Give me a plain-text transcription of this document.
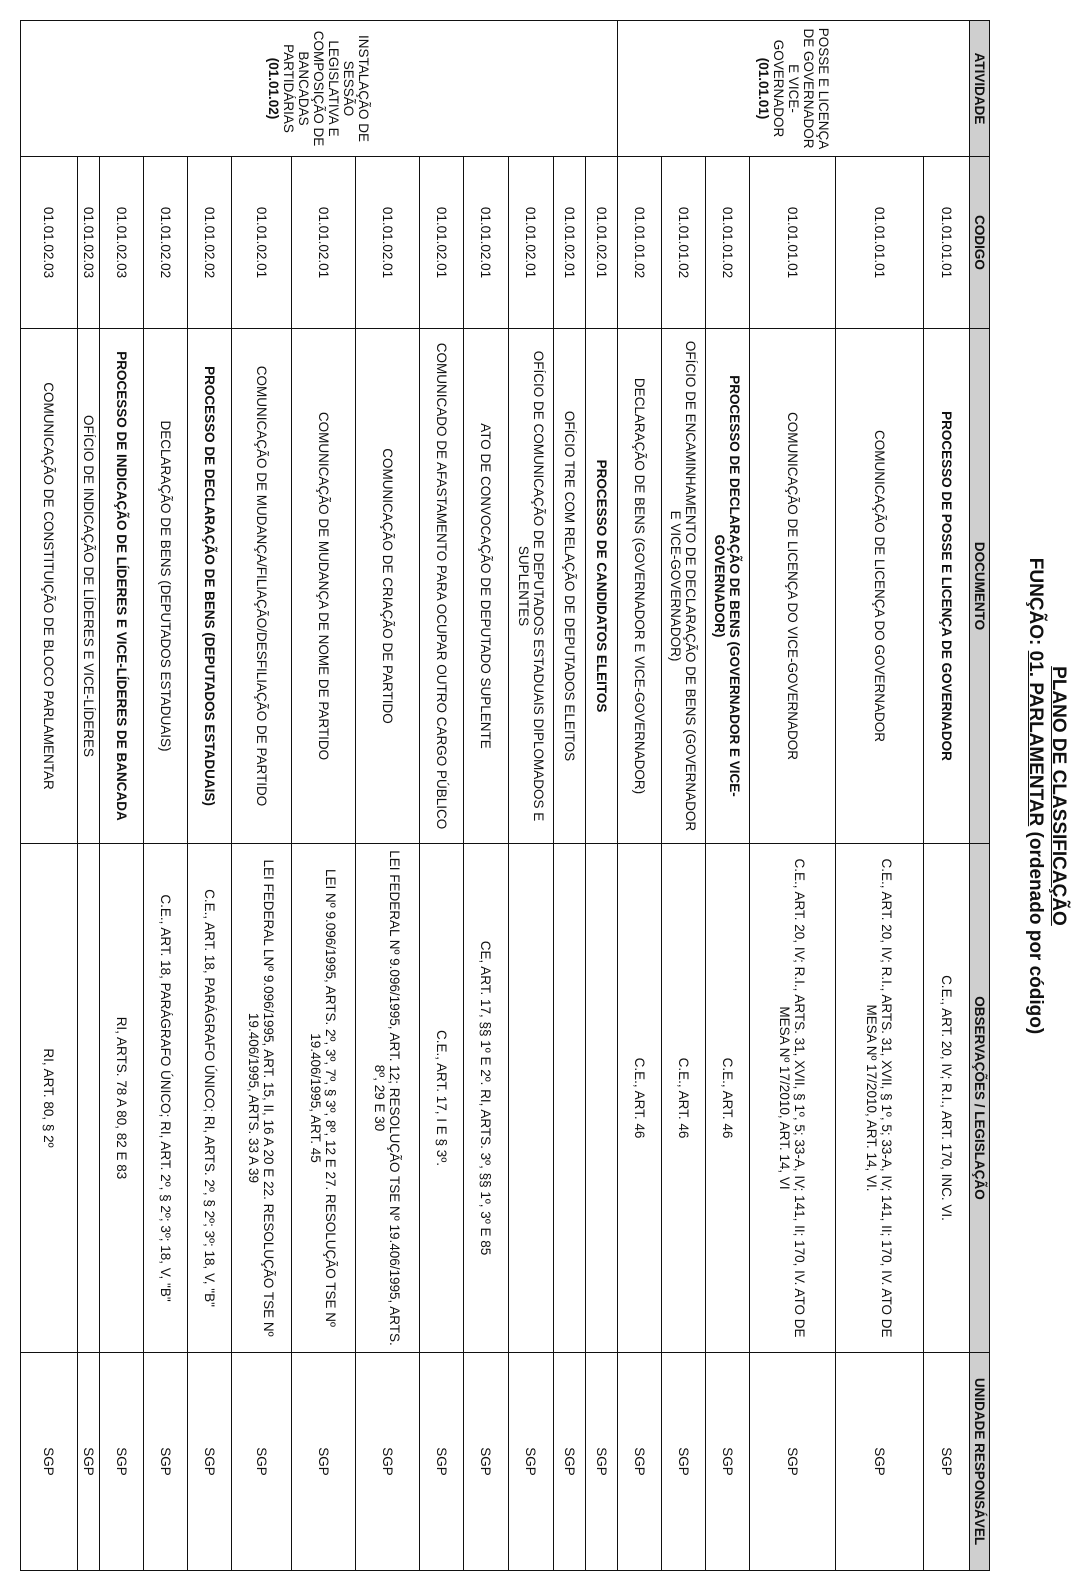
PLANO DE CLASSIFICAÇÃO
FUNÇÃO: 01. PARLAMENTAR (ordenado por código)
ATIVIDADE	CODIGO	DOCUMENTO	OBSERVAÇÕES / LEGISLAÇÃO	UNIDADE RESPONSÁVEL

POSSE E LICENÇA DE GOVERNADOR E VICE-GOVERNADOR
(01.01.01)	01.01.01.01	PROCESSO DE POSSE E LICENÇA DE GOVERNADOR	C.E., ART. 20, IV; R.I., ART. 170, INC. VI.	SGP
	01.01.01.01	COMUNICAÇÃO DE LICENÇA DO GOVERNADOR	C.E., ART. 20, IV; R.I., ARTS. 31, XVII, § 1º, 5; 33-A, IV; 141, II; 170, IV. ATO DE MESA Nº 17/2010, ART. 14, VI.	SGP
	01.01.01.01	COMUNICAÇÃO DE LICENÇA DO VICE-GOVERNADOR	C.E., ART. 20, IV; R.I., ARTS. 31, XVII, § 1º, 5; 33-A, IV; 141, II; 170, IV. ATO DE MESA Nº 17/2010, ART. 14, VI	SGP
	01.01.01.02	PROCESSO DE DECLARAÇÃO DE BENS (GOVERNADOR E VICE-GOVERNADOR)	C.E., ART. 46	SGP
	01.01.01.02	OFÍCIO DE ENCAMINHAMENTO DE DECLARAÇÃO DE BENS (GOVERNADOR E VICE-GOVERNADOR)	C.E., ART. 46	SGP
	01.01.01.02	DECLARAÇÃO DE BENS (GOVERNADOR E VICE-GOVERNADOR)	C.E., ART. 46	SGP

INSTALAÇÃO DE SESSÃO LEGISLATIVA E COMPOSIÇÃO DE BANCADAS PARTIDÁRIAS
(01.01.02)	01.01.02.01	PROCESSO DE CANDIDATOS ELEITOS		SGP
	01.01.02.01	OFÍCIO TRE COM RELAÇÃO DE DEPUTADOS ELEITOS		SGP
	01.01.02.01	OFÍCIO DE COMUNICAÇÃO DE DEPUTADOS ESTADUAIS DIPLOMADOS E SUPLENTES		SGP
	01.01.02.01	ATO DE CONVOCAÇÃO DE DEPUTADO SUPLENTE	CE, ART. 17, §§ 1º E 2º. RI, ARTS. 3º, §§ 1º, 3º E 85	SGP
	01.01.02.01	COMUNICADO DE AFASTAMENTO PARA OCUPAR OUTRO CARGO PÚBLICO	C.E., ART. 17, I E § 3º.	SGP
	01.01.02.01	COMUNICAÇÃO DE CRIAÇÃO DE PARTIDO	LEI FEDERAL Nº 9.096/1995, ART. 12; RESOLUÇÃO TSE Nº 19.406/1995, ARTS. 8º, 29 E 30	SGP
	01.01.02.01	COMUNICAÇÃO DE MUDANÇA DE NOME DE PARTIDO	LEI Nº 9.096/1995, ARTS. 2º, 3º, 7º, § 3º, 8º, 12 E 27. RESOLUÇÃO TSE Nº 19.406/1995, ART. 45	SGP
	01.01.02.01	COMUNICAÇÃO DE MUDANÇA/FILIAÇÃO/DESFILIAÇÃO DE PARTIDO	LEI FEDERAL LNº 9.096/1995, ART. 15, II, 16 A 20 E 22. RESOLUÇÃO TSE Nº 19.406/1995, ARTS. 33 A 39	SGP
	01.01.02.02	PROCESSO DE DECLARAÇÃO DE BENS (DEPUTADOS ESTADUAIS)	C.E., ART. 18, PARÁGRAFO ÚNICO; RI, ARTS. 2º, § 2º; 3º; 18, V, "B"	SGP
	01.01.02.02	DECLARAÇÃO DE BENS (DEPUTADOS ESTADUAIS)	C.E., ART. 18, PARÁGRAFO ÚNICO; RI, ART. 2º, § 2º; 3º; 18, V, "B"	SGP
	01.01.02.03	PROCESSO DE INDICAÇÃO DE LÍDERES E VICE-LÍDERES DE BANCADA	RI, ARTS. 78 A 80, 82 E 83	SGP
	01.01.02.03	OFÍCIO DE INDICAÇÃO DE LÍDERES E VICE-LÍDERES		SGP
	01.01.02.03	COMUNICAÇÃO DE CONSTITUIÇÃO DE BLOCO PARLAMENTAR	RI, ART. 80, § 2º	SGP
